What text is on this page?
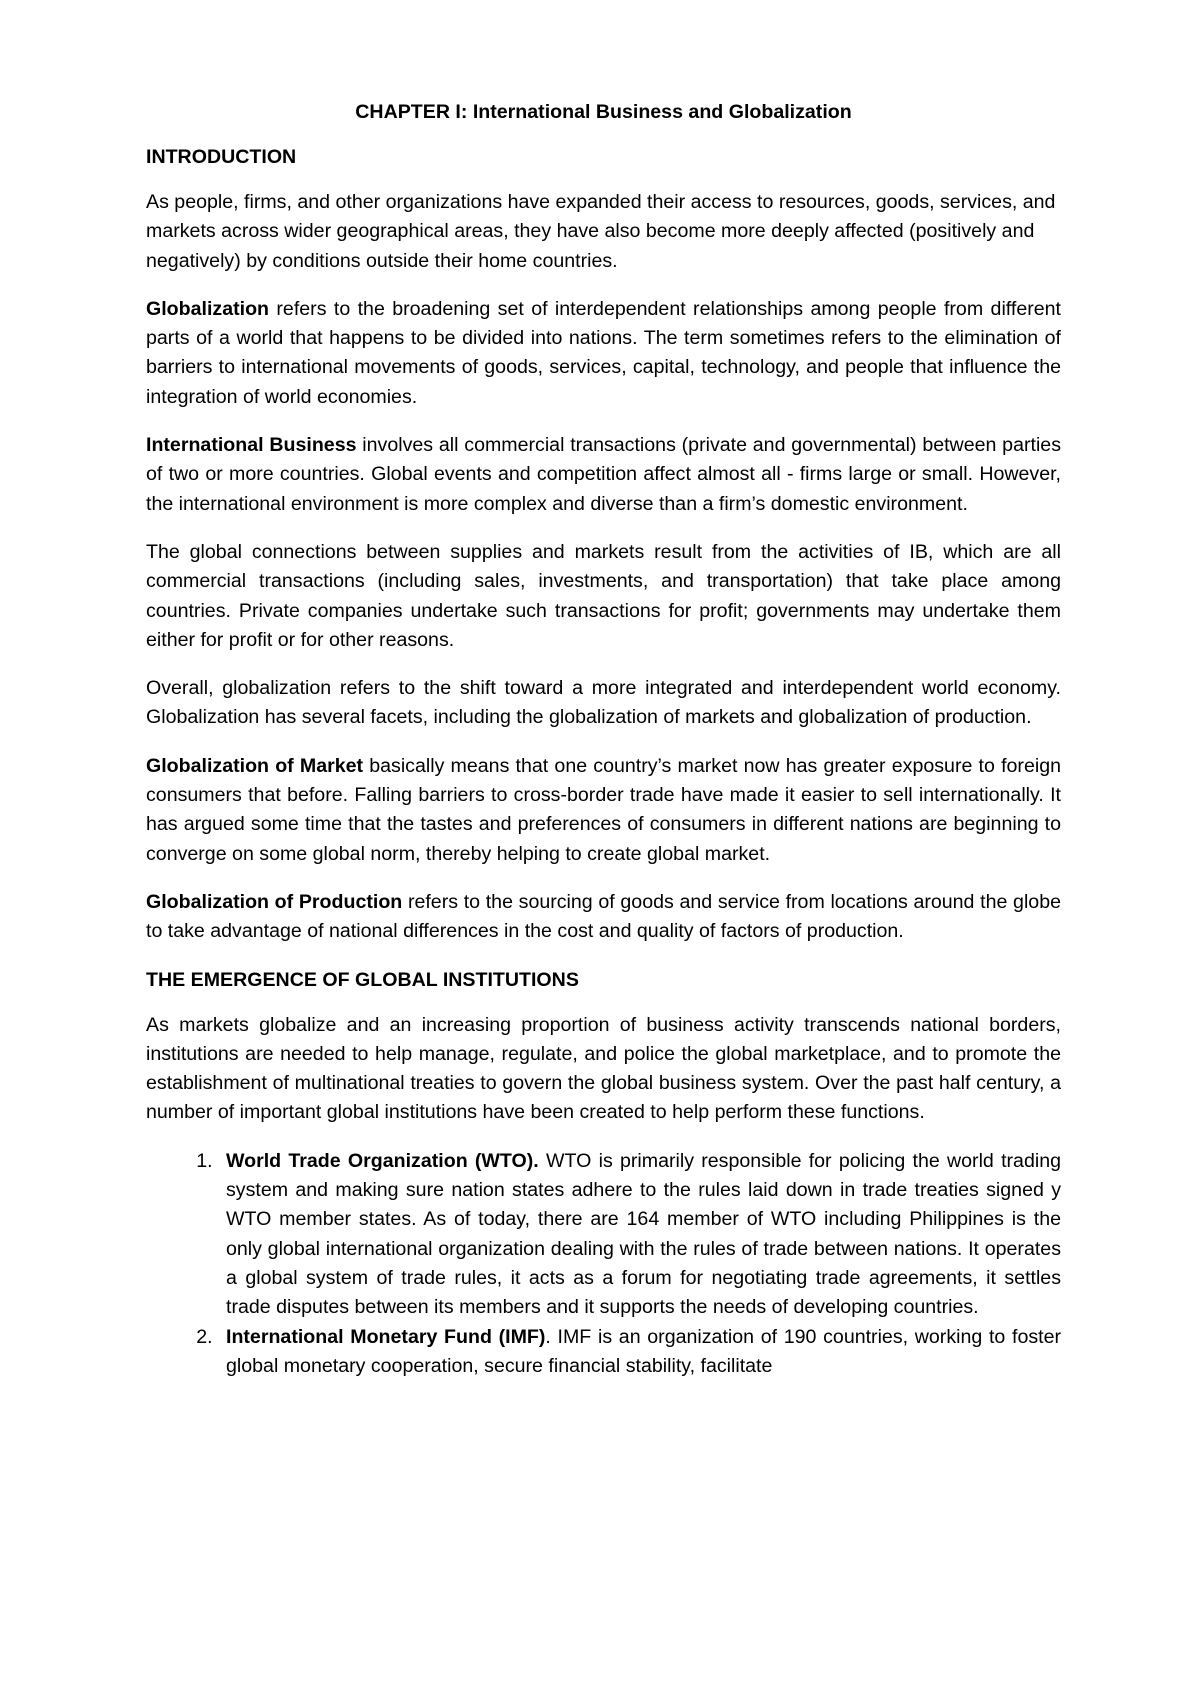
CHAPTER I: International Business and Globalization
INTRODUCTION

As people, firms, and other organizations have expanded their access to resources, goods, services, and markets across wider geographical areas, they have also become more deeply affected (positively and negatively) by conditions outside their home countries.

Globalization refers to the broadening set of interdependent relationships among people from different parts of a world that happens to be divided into nations. The term sometimes refers to the elimination of barriers to international movements of goods, services, capital, technology, and people that influence the integration of world economies.

International Business involves all commercial transactions (private and governmental) between parties of two or more countries. Global events and competition affect almost all - firms large or small. However, the international environment is more complex and diverse than a firm’s domestic environment.

The global connections between supplies and markets result from the activities of IB, which are all commercial transactions (including sales, investments, and transportation) that take place among countries. Private companies undertake such transactions for profit; governments may undertake them either for profit or for other reasons.

Overall, globalization refers to the shift toward a more integrated and interdependent world economy. Globalization has several facets, including the globalization of markets and globalization of production.

Globalization of Market basically means that one country’s market now has greater exposure to foreign consumers that before. Falling barriers to cross-border trade have made it easier to sell internationally. It has argued some time that the tastes and preferences of consumers in different nations are beginning to converge on some global norm, thereby helping to create global market.

Globalization of Production refers to the sourcing of goods and service from locations around the globe to take advantage of national differences in the cost and quality of factors of production.

THE EMERGENCE OF GLOBAL INSTITUTIONS

As markets globalize and an increasing proportion of business activity transcends national borders, institutions are needed to help manage, regulate, and police the global marketplace, and to promote the establishment of multinational treaties to govern the global business system. Over the past half century, a number of important global institutions have been created to help perform these functions.

1. World Trade Organization (WTO). WTO is primarily responsible for policing the world trading system and making sure nation states adhere to the rules laid down in trade treaties signed y WTO member states. As of today, there are 164 member of WTO including Philippines is the only global international organization dealing with the rules of trade between nations. It operates a global system of trade rules, it acts as a forum for negotiating trade agreements, it settles trade disputes between its members and it supports the needs of developing countries.
2. International Monetary Fund (IMF). IMF is an organization of 190 countries, working to foster global monetary cooperation, secure financial stability, facilitate
